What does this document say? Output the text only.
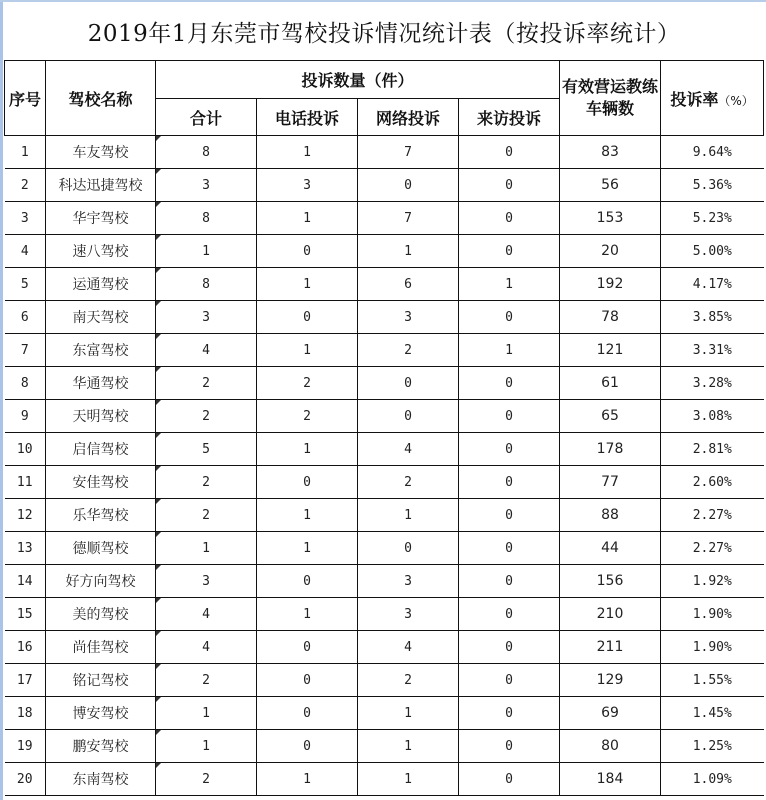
2019年1月东莞市驾校投诉情况统计表（按投诉率统计）							
序号	驾校名称	投诉数量（件）				有效营运教练车辆数	投诉率（%）
		合计	电话投诉	网络投诉	来访投诉		
1	车友驾校	8	1	7	0	83	9.64%
2	科达迅捷驾校	3	3	0	0	56	5.36%
3	华宇驾校	8	1	7	0	153	5.23%
4	速八驾校	1	0	1	0	20	5.00%
5	运通驾校	8	1	6	1	192	4.17%
6	南天驾校	3	0	3	0	78	3.85%
7	东富驾校	4	1	2	1	121	3.31%
8	华通驾校	2	2	0	0	61	3.28%
9	天明驾校	2	2	0	0	65	3.08%
10	启信驾校	5	1	4	0	178	2.81%
11	安佳驾校	2	0	2	0	77	2.60%
12	乐华驾校	2	1	1	0	88	2.27%
13	德顺驾校	1	1	0	0	44	2.27%
14	好方向驾校	3	0	3	0	156	1.92%
15	美的驾校	4	1	3	0	210	1.90%
16	尚佳驾校	4	0	4	0	211	1.90%
17	铭记驾校	2	0	2	0	129	1.55%
18	博安驾校	1	0	1	0	69	1.45%
19	鹏安驾校	1	0	1	0	80	1.25%
20	东南驾校	2	1	1	0	184	1.09%
